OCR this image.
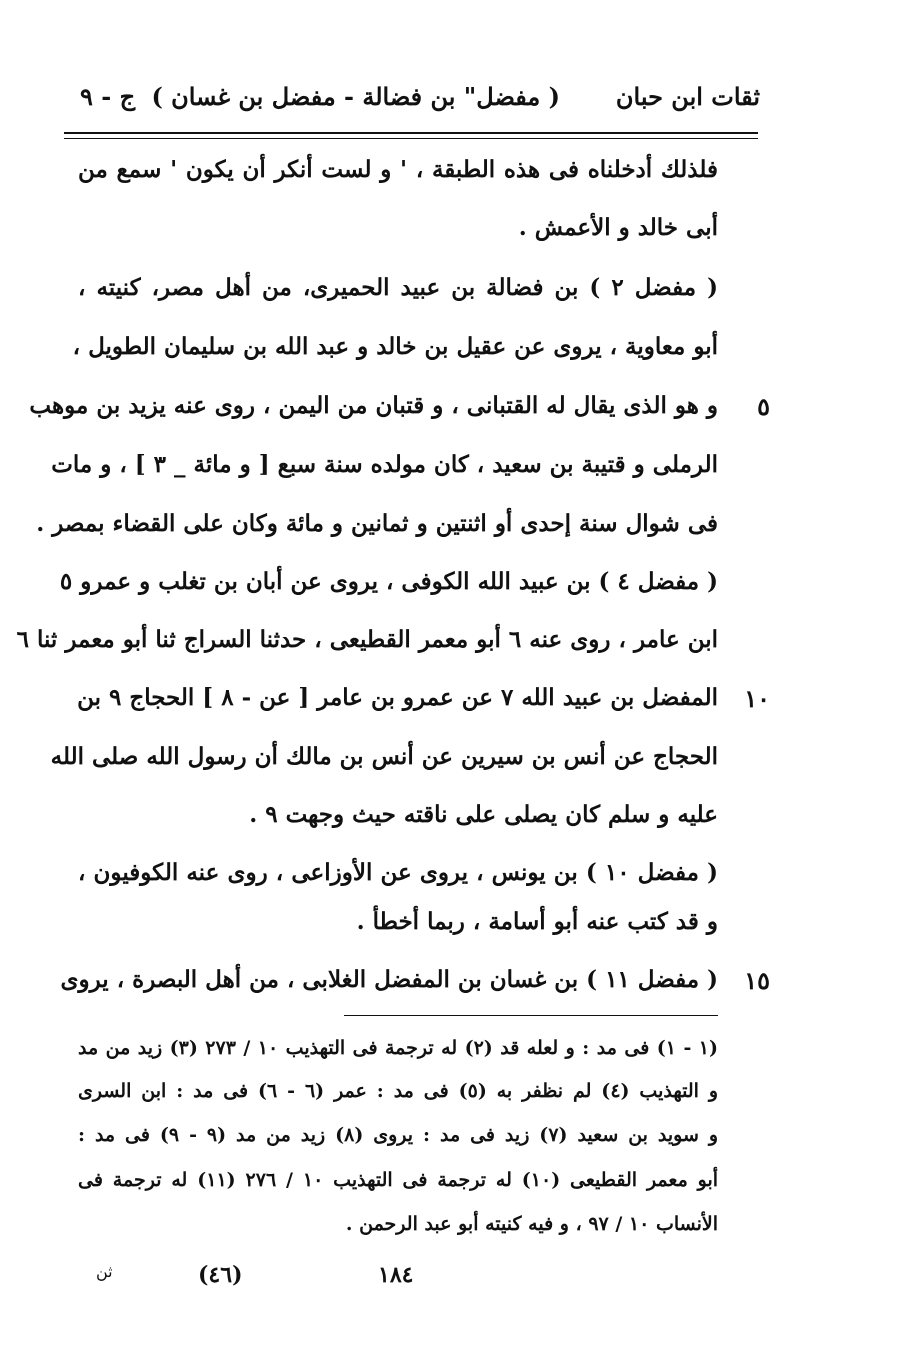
ثقات ابن حبان
( مفضل" بن فضالة - مفضل بن غسان )
ج - ٩
فلذلك أدخلناه فى هذه الطبقة ، ' و لست أنكر أن يكون ' سمع من
أبى خالد و الأعمش .
( مفضل ٢ ) بن فضالة بن عبيد الحميرى، من أهل مصر، كنيته ،
أبو معاوية ، يروى عن عقيل بن خالد و عبد الله بن سليمان الطويل ،
و هو الذى يقال له القتبانى ، و قتبان من اليمن ، روى عنه يزيد بن موهب	٥
الرملى و قتيبة بن سعيد ، كان مولده سنة سبع [ و مائة _ ٣ ] ، و مات
فى شوال سنة إحدى أو اثنتين و ثمانين و مائة وكان على القضاء بمصر .
( مفضل ٤ ) بن عبيد الله الكوفى ، يروى عن أبان بن تغلب و عمرو ٥
ابن عامر ، روى عنه ٦ أبو معمر القطيعى ، حدثنا السراج ثنا أبو معمر ثنا ٦
المفضل بن عبيد الله ٧ عن عمرو بن عامر [ عن - ٨ ] الحجاج ٩ بن	١٠
الحجاج عن أنس بن سيرين عن أنس بن مالك أن رسول الله صلى الله
عليه و سلم كان يصلى على ناقته حيث وجهت ٩ .
( مفضل ١٠ ) بن يونس ، يروى عن الأوزاعى ، روى عنه الكوفيون ،
و قد كتب عنه أبو أسامة ، ربما أخطأ .
( مفضل ١١ ) بن غسان بن المفضل الغلابى ، من أهل البصرة ، يروى	١٥
(١ - ١) فى مد : و لعله قد (٢) له ترجمة فى التهذيب ١٠ / ٢٧٣ (٣) زيد من مد
و التهذيب (٤) لم نظفر به (٥) فى مد : عمر (٦ - ٦) فى مد : ابن السرى
و سويد بن سعيد (٧) زيد فى مد : يروى (٨) زيد من مد (٩ - ٩) فى مد :
أبو معمر القطيعى (١٠) له ترجمة فى التهذيب ١٠ / ٢٧٦ (١١) له ترجمة فى
الأنساب ١٠ / ٩٧ ، و فيه كنيته أبو عبد الرحمن .
١٨٤
(٤٦)
ثن
